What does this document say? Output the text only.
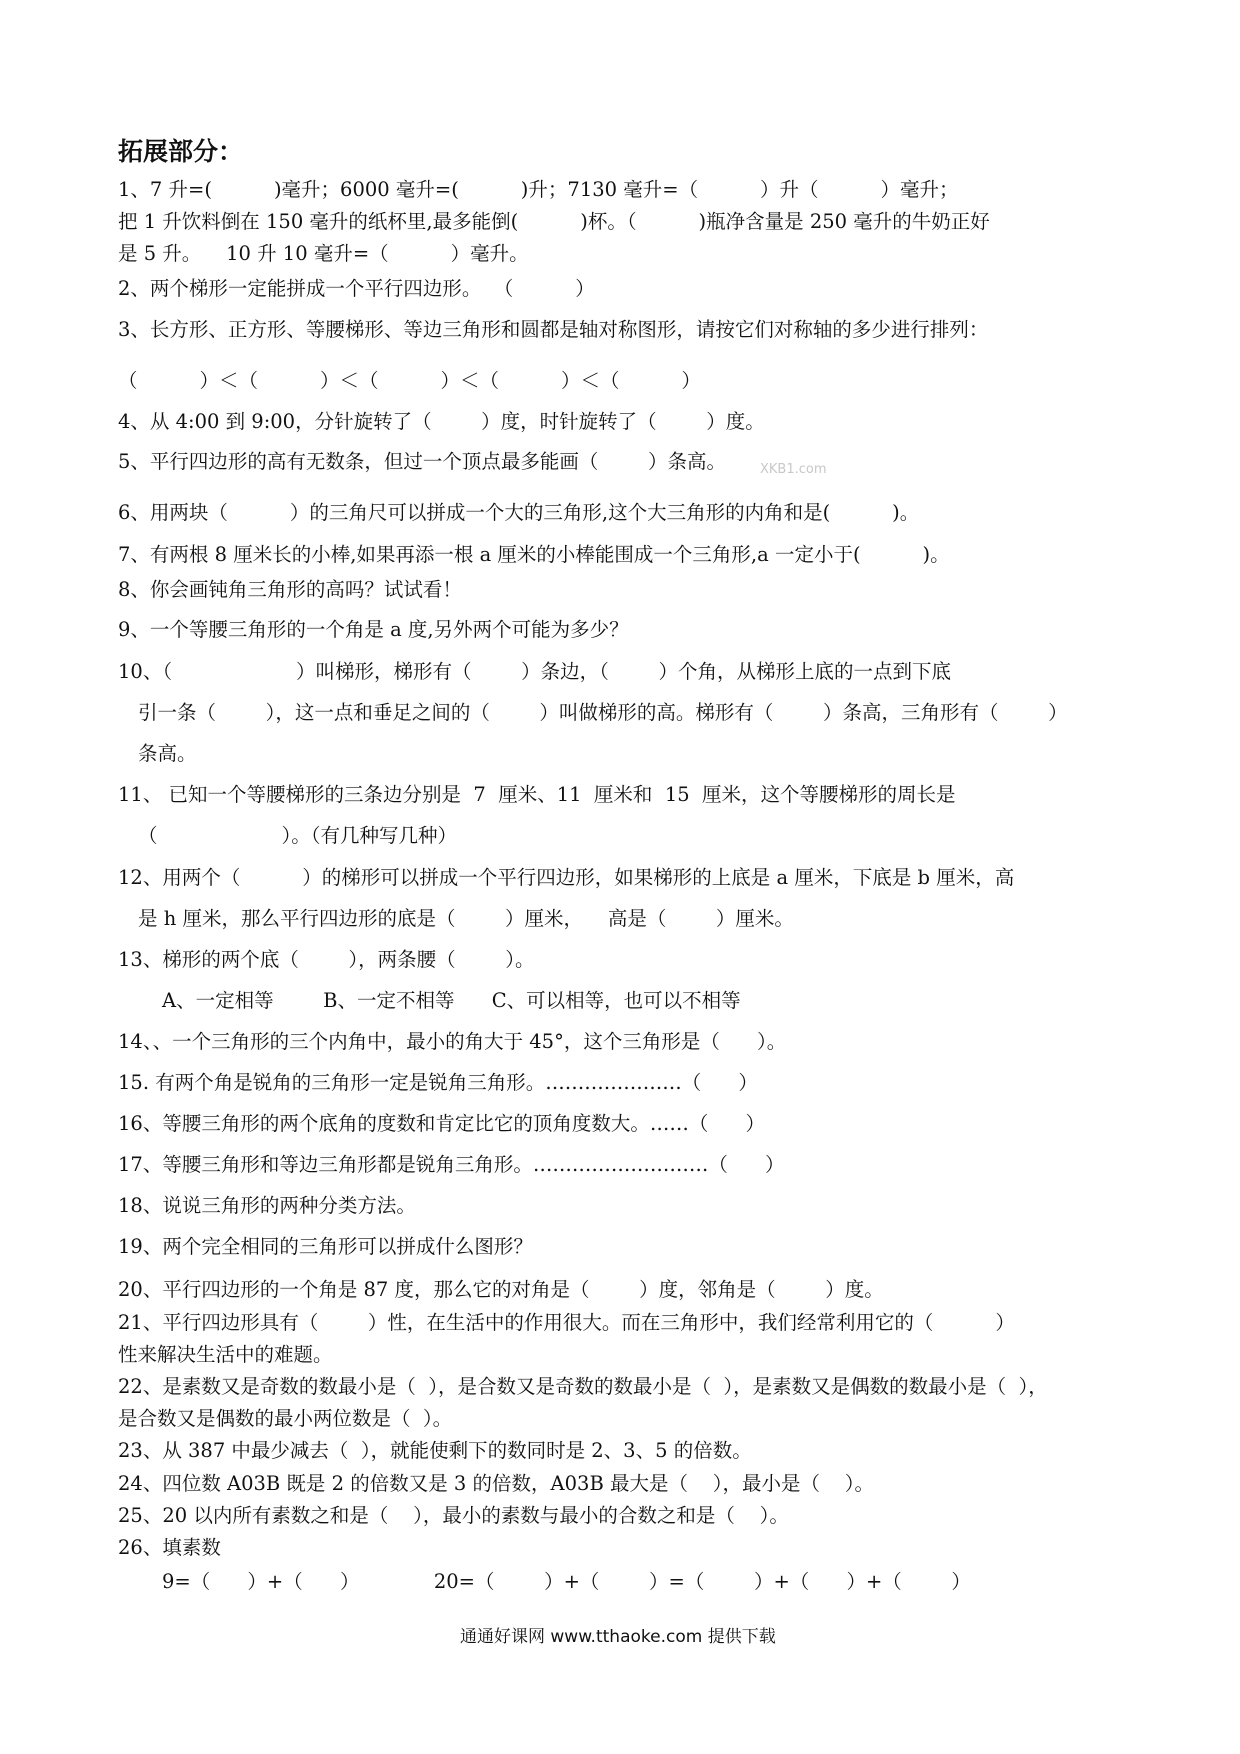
拓展部分：
1、7 升=(          )毫升；6000 毫升=(          )升；7130 毫升=（          ）升（          ）毫升；
把 1 升饮料倒在 150 毫升的纸杯里,最多能倒(          )杯。（          )瓶净含量是 250 毫升的牛奶正好
是 5 升。    10 升 10 毫升=（          ）毫升。
2、两个梯形一定能拼成一个平行四边形。  （          ）
3、长方形、正方形、等腰梯形、等边三角形和圆都是轴对称图形，请按它们对称轴的多少进行排列：
（          ）＜（          ）＜（          ）＜（          ）＜（          ）
4、从 4:00 到 9:00，分针旋转了（        ）度，时针旋转了（        ）度。
5、平行四边形的高有无数条，但过一个顶点最多能画（        ）条高。
6、用两块（          ）的三角尺可以拼成一个大的三角形,这个大三角形的内角和是(          )。
7、有两根 8 厘米长的小棒,如果再添一根 a 厘米的小棒能围成一个三角形,a 一定小于(          )。
8、你会画钝角三角形的高吗？试试看！
9、一个等腰三角形的一个角是 a 度,另外两个可能为多少？
10、（                    ）叫梯形，梯形有（        ）条边，（        ）个角，从梯形上底的一点到下底
引一条（        ），这一点和垂足之间的（        ）叫做梯形的高。梯形有（        ）条高，三角形有（        ）
条高。
11、 已知一个等腰梯形的三条边分别是  7  厘米、11  厘米和  15  厘米，这个等腰梯形的周长是
（                    ）。（有几种写几种）
12、用两个（          ）的梯形可以拼成一个平行四边形，如果梯形的上底是 a 厘米，下底是 b 厘米，高
是 h 厘米，那么平行四边形的底是（        ）厘米，    高是（        ）厘米。
13、梯形的两个底（        ），两条腰（        ）。
A、一定相等        B、一定不相等      C、可以相等，也可以不相等
14、、一个三角形的三个内角中，最小的角大于 45°，这个三角形是（      ）。
15. 有两个角是锐角的三角形一定是锐角三角形。…………………（      ）
16、等腰三角形的两个底角的度数和肯定比它的顶角度数大。……（      ）
17、等腰三角形和等边三角形都是锐角三角形。………………………（      ）
18、说说三角形的两种分类方法。
19、两个完全相同的三角形可以拼成什么图形？
20、平行四边形的一个角是 87 度，那么它的对角是（        ）度，邻角是（        ）度。
21、平行四边形具有（        ）性，在生活中的作用很大。而在三角形中，我们经常利用它的（          ）
性来解决生活中的难题。
22、是素数又是奇数的数最小是（  ），是合数又是奇数的数最小是（  ），是素数又是偶数的数最小是（  ），
是合数又是偶数的最小两位数是（  ）。
23、从 387 中最少减去（  ），就能使剩下的数同时是 2、3、5 的倍数。
24、四位数 A03B 既是 2 的倍数又是 3 的倍数，A03B 最大是（    ），最小是（    ）。
25、20 以内所有素数之和是（    ），最小的素数与最小的合数之和是（    ）。
26、填素数
9=（      ）+（      ）            20=（        ）+（        ）=（        ）+（      ）+（        ）
XKB1.com
通通好课网 www.tthaoke.com 提供下载
